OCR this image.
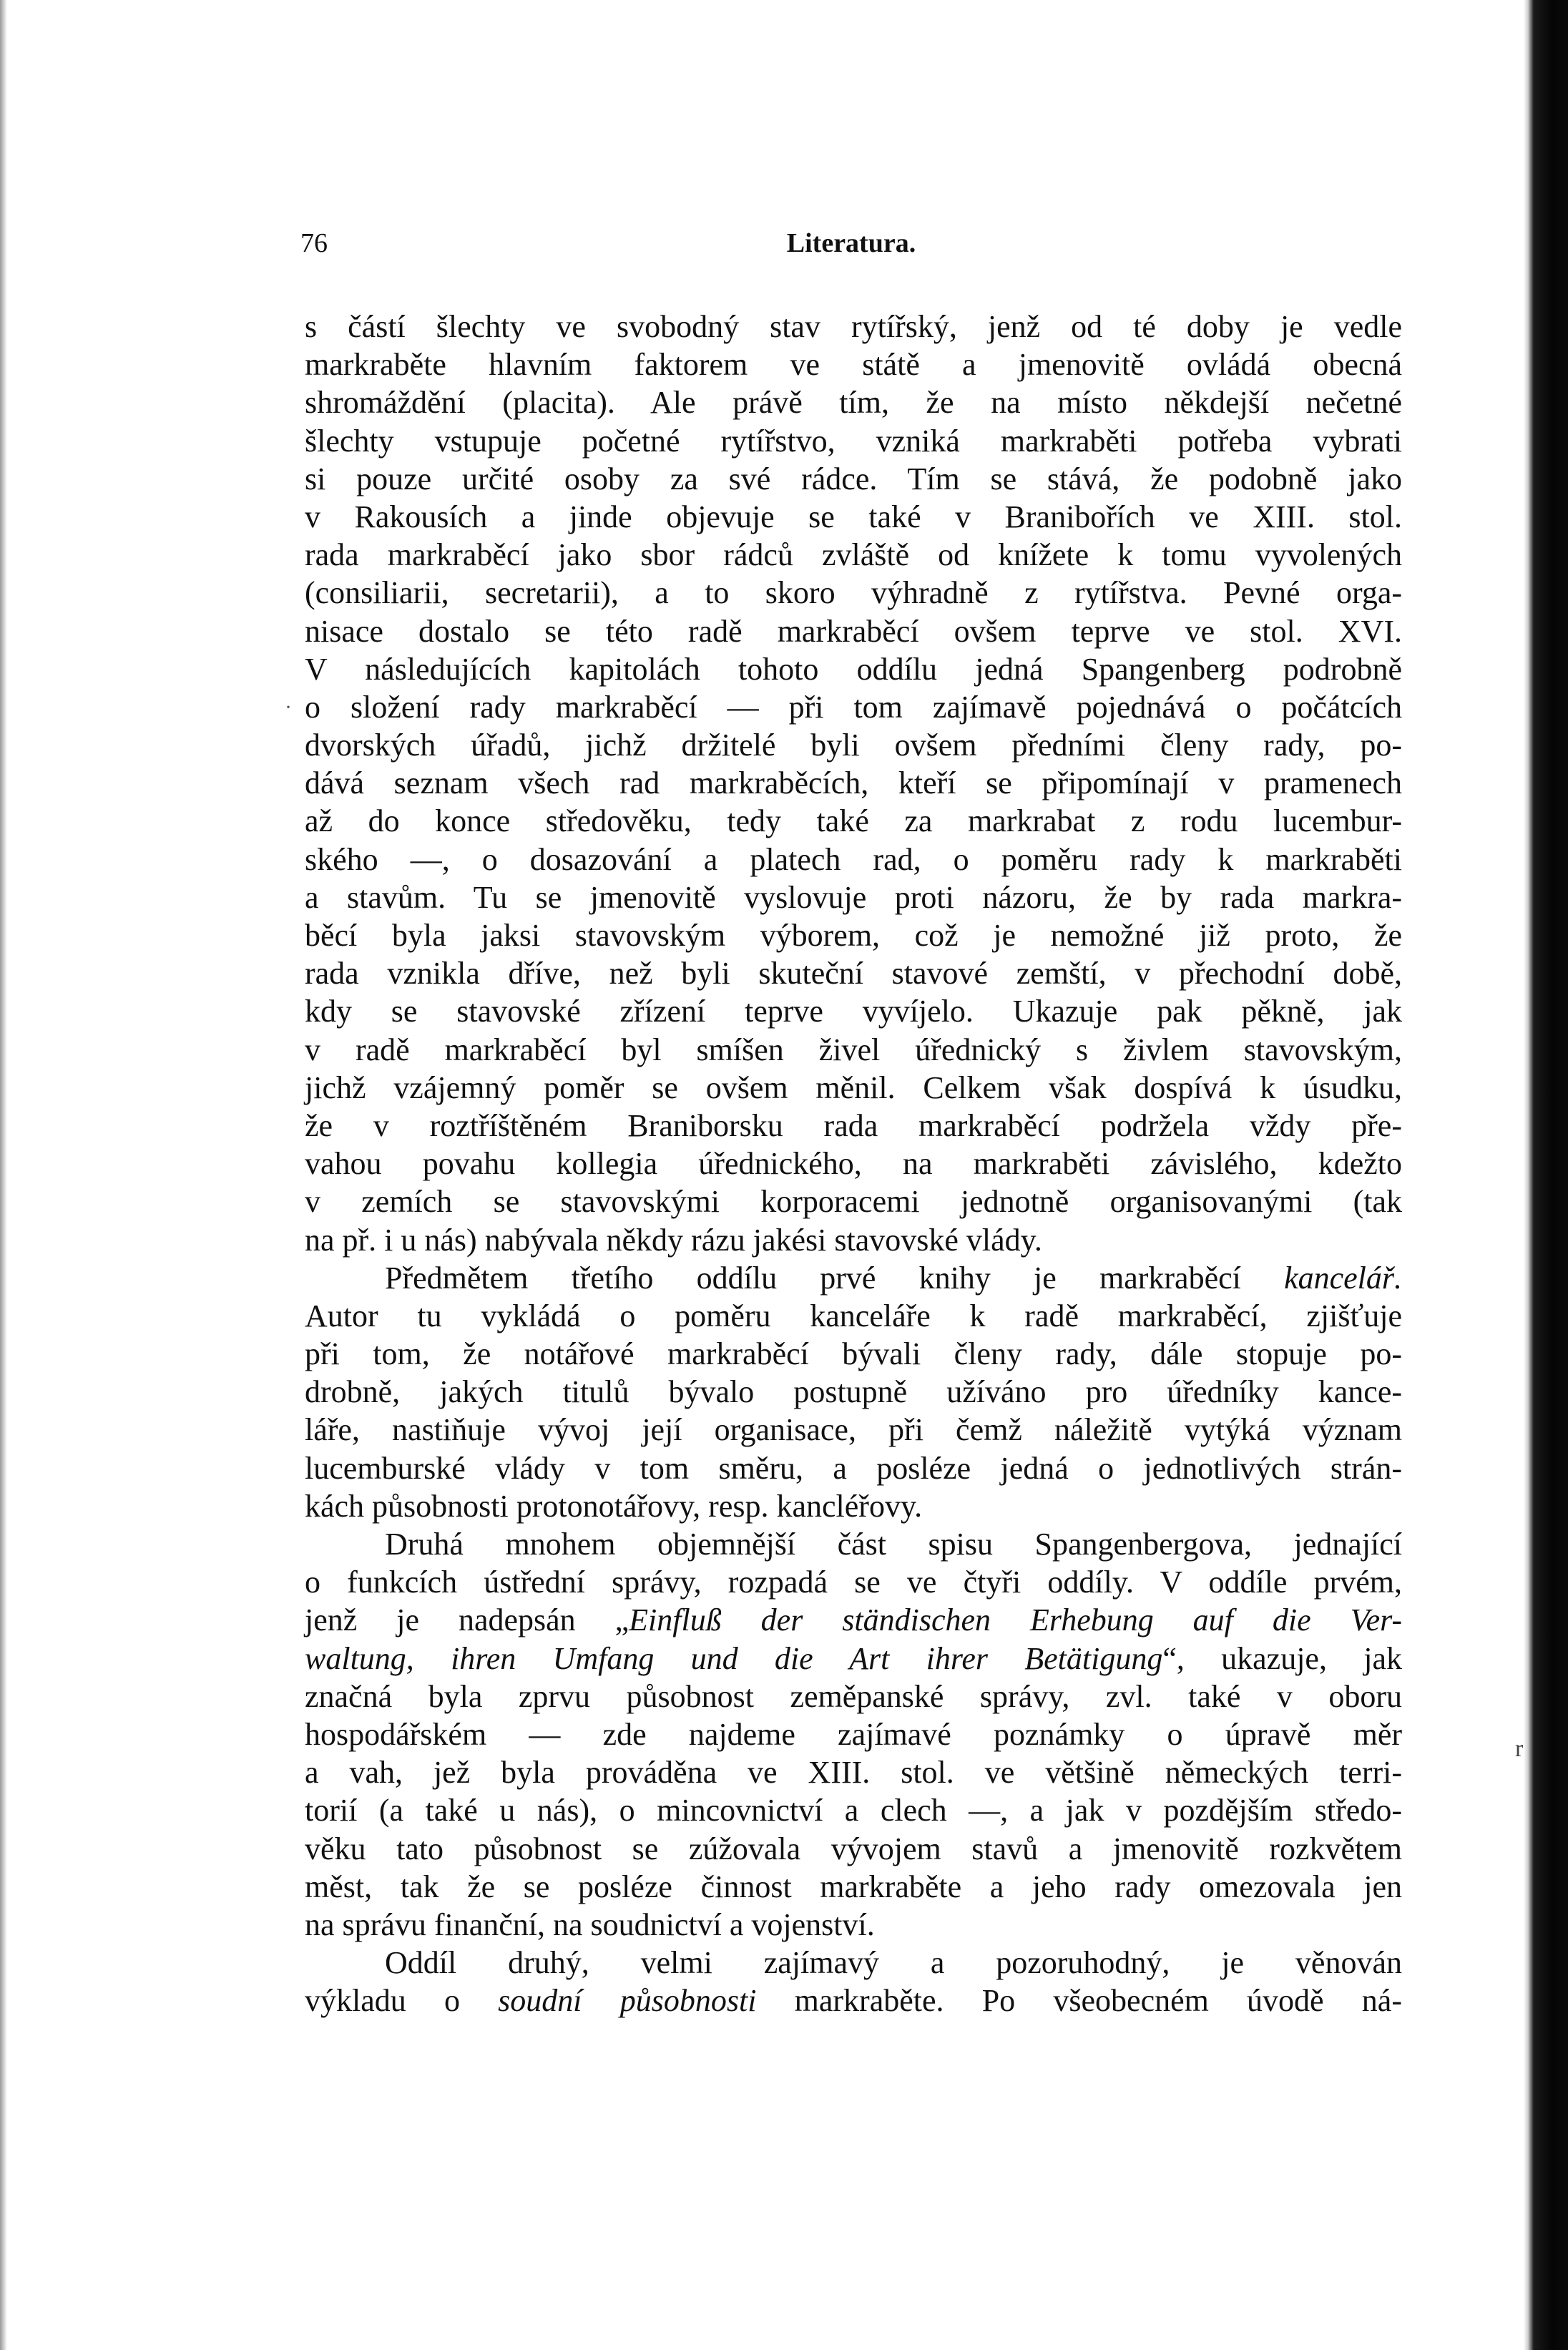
76	Literatura.
·
r
s částí šlechty ve svobodný stav rytířský, jenž od té doby je vedle
markraběte hlavním faktorem ve státě a jmenovitě ovládá obecná
shromáždění (placita). Ale právě tím, že na místo někdejší nečetné
šlechty vstupuje početné rytířstvo, vzniká markraběti potřeba vybrati
si pouze určité osoby za své rádce. Tím se stává, že podobně jako
v Rakousích a jinde objevuje se také v Branibořích ve XIII. stol.
rada markraběcí jako sbor rádců zvláště od knížete k tomu vyvolených
(consiliarii, secretarii), a to skoro výhradně z rytířstva. Pevné orga-
nisace dostalo se této radě markraběcí ovšem teprve ve stol. XVI.
V následujících kapitolách tohoto oddílu jedná Spangenberg podrobně
o složení rady markraběcí — při tom zajímavě pojednává o počátcích
dvorských úřadů, jichž držitelé byli ovšem předními členy rady, po-
dává seznam všech rad markraběcích, kteří se připomínají v pramenech
až do konce středověku, tedy také za markrabat z rodu lucembur-
ského —, o dosazování a platech rad, o poměru rady k markraběti
a stavům. Tu se jmenovitě vyslovuje proti názoru, že by rada markra-
běcí byla jaksi stavovským výborem, což je nemožné již proto, že
rada vznikla dříve, než byli skuteční stavové zemští, v přechodní době,
kdy se stavovské zřízení teprve vyvíjelo. Ukazuje pak pěkně, jak
v radě markraběcí byl smíšen živel úřednický s živlem stavovským,
jichž vzájemný poměr se ovšem měnil. Celkem však dospívá k úsudku,
že v roztříštěném Braniborsku rada markraběcí podržela vždy pře-
vahou povahu kollegia úřednického, na markraběti závislého, kdežto
v zemích se stavovskými korporacemi jednotně organisovanými (tak
na př. i u nás) nabývala někdy rázu jakési stavovské vlády.
Předmětem třetího oddílu prvé knihy je markraběcí kancelář.
Autor tu vykládá o poměru kanceláře k radě markraběcí, zjišťuje
při tom, že notářové markraběcí bývali členy rady, dále stopuje po-
drobně, jakých titulů bývalo postupně užíváno pro úředníky kance-
láře, nastiňuje vývoj její organisace, při čemž náležitě vytýká význam
lucemburské vlády v tom směru, a posléze jedná o jednotlivých strán-
kách působnosti protonotářovy, resp. kancléřovy.
Druhá mnohem objemnější část spisu Spangenbergova, jednající
o funkcích ústřední správy, rozpadá se ve čtyři oddíly. V oddíle prvém,
jenž je nadepsán „Einfluß der ständischen Erhebung auf die Ver-
waltung, ihren Umfang und die Art ihrer Betätigung“, ukazuje, jak
značná byla zprvu působnost zeměpanské správy, zvl. také v oboru
hospodářském — zde najdeme zajímavé poznámky o úpravě měr
a vah, jež byla prováděna ve XIII. stol. ve většině německých terri-
torií (a také u nás), o mincovnictví a clech —, a jak v pozdějším středo-
věku tato působnost se zúžovala vývojem stavů a jmenovitě rozkvětem
měst, tak že se posléze činnost markraběte a jeho rady omezovala jen
na správu finanční, na soudnictví a vojenství.
Oddíl druhý, velmi zajímavý a pozoruhodný, je věnován
výkladu o soudní působnosti markraběte. Po všeobecném úvodě ná-
